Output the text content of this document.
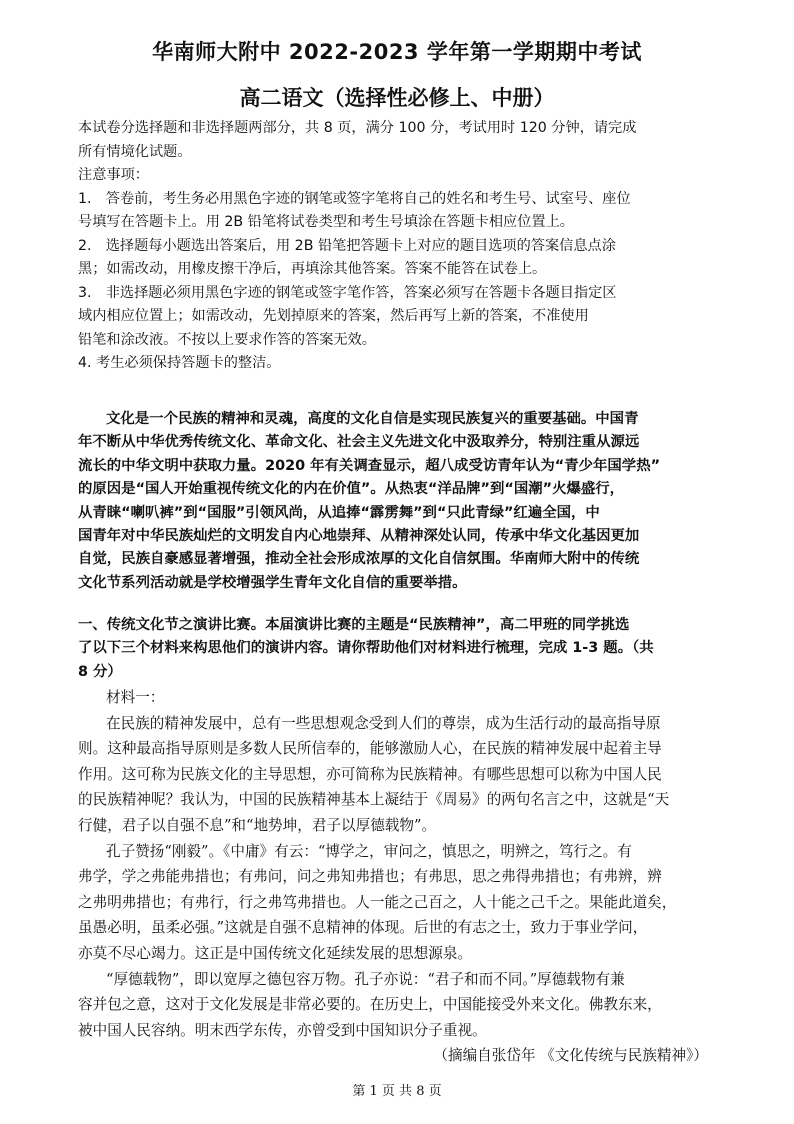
华南师大附中 2022-2023 学年第一学期期中考试
高二语文（选择性必修上、中册）
本试卷分选择题和非选择题两部分，共 8 页，满分 100 分，考试用时 120 分钟，请完成
所有情境化试题。
注意事项：
1.　答卷前，考生务必用黑色字迹的钢笔或签字笔将自己的姓名和考生号、试室号、座位
号填写在答题卡上。用 2B 铅笔将试卷类型和考生号填涂在答题卡相应位置上。
2.　选择题每小题选出答案后，用 2B 铅笔把答题卡上对应的题目选项的答案信息点涂
黑；如需改动，用橡皮擦干净后，再填涂其他答案。答案不能答在试卷上。
3.　非选择题必须用黑色字迹的钢笔或签字笔作答，答案必须写在答题卡各题目指定区
域内相应位置上；如需改动，先划掉原来的答案，然后再写上新的答案，不准使用
铅笔和涂改液。不按以上要求作答的答案无效。
4. 考生必须保持答题卡的整洁。
文化是一个民族的精神和灵魂，高度的文化自信是实现民族复兴的重要基础。中国青
年不断从中华优秀传统文化、革命文化、社会主义先进文化中汲取养分，特别注重从源远
流长的中华文明中获取力量。2020 年有关调查显示，超八成受访青年认为“青少年国学热”
的原因是“国人开始重视传统文化的内在价值”。从热衷“洋品牌”到“国潮”火爆盛行，
从青睐“喇叭裤”到“国服”引领风尚，从追捧“霹雳舞”到“只此青绿”红遍全国，中
国青年对中华民族灿烂的文明发自内心地崇拜、从精神深处认同，传承中华文化基因更加
自觉，民族自豪感显著增强，推动全社会形成浓厚的文化自信氛围。华南师大附中的传统
文化节系列活动就是学校增强学生青年文化自信的重要举措。
一、传统文化节之演讲比赛。本届演讲比赛的主题是“民族精神”，高二甲班的同学挑选
了以下三个材料来构思他们的演讲内容。请你帮助他们对材料进行梳理，完成 1-3 题。（共
8 分）
材料一：
在民族的精神发展中，总有一些思想观念受到人们的尊崇，成为生活行动的最高指导原
则。这种最高指导原则是多数人民所信奉的，能够激励人心，在民族的精神发展中起着主导
作用。这可称为民族文化的主导思想，亦可简称为民族精神。有哪些思想可以称为中国人民
的民族精神呢？我认为，中国的民族精神基本上凝结于《周易》的两句名言之中，这就是“天
行健，君子以自强不息”和“地势坤，君子以厚德载物”。
孔子赞扬“刚毅”。《中庸》有云：“博学之，审问之，慎思之，明辨之，笃行之。有
弗学，学之弗能弗措也；有弗问，问之弗知弗措也；有弗思，思之弗得弗措也；有弗辨，辨
之弗明弗措也；有弗行，行之弗笃弗措也。人一能之己百之，人十能之己千之。果能此道矣，
虽愚必明，虽柔必强。”这就是自强不息精神的体现。后世的有志之士，致力于事业学问，
亦莫不尽心竭力。这正是中国传统文化延续发展的思想源泉。
“厚德载物”，即以宽厚之德包容万物。孔子亦说：“君子和而不同。”厚德载物有兼
容并包之意，这对于文化发展是非常必要的。在历史上，中国能接受外来文化。佛教东来，
被中国人民容纳。明末西学东传，亦曾受到中国知识分子重视。
（摘编自张岱年 《文化传统与民族精神》）
第 1 页 共 8 页
